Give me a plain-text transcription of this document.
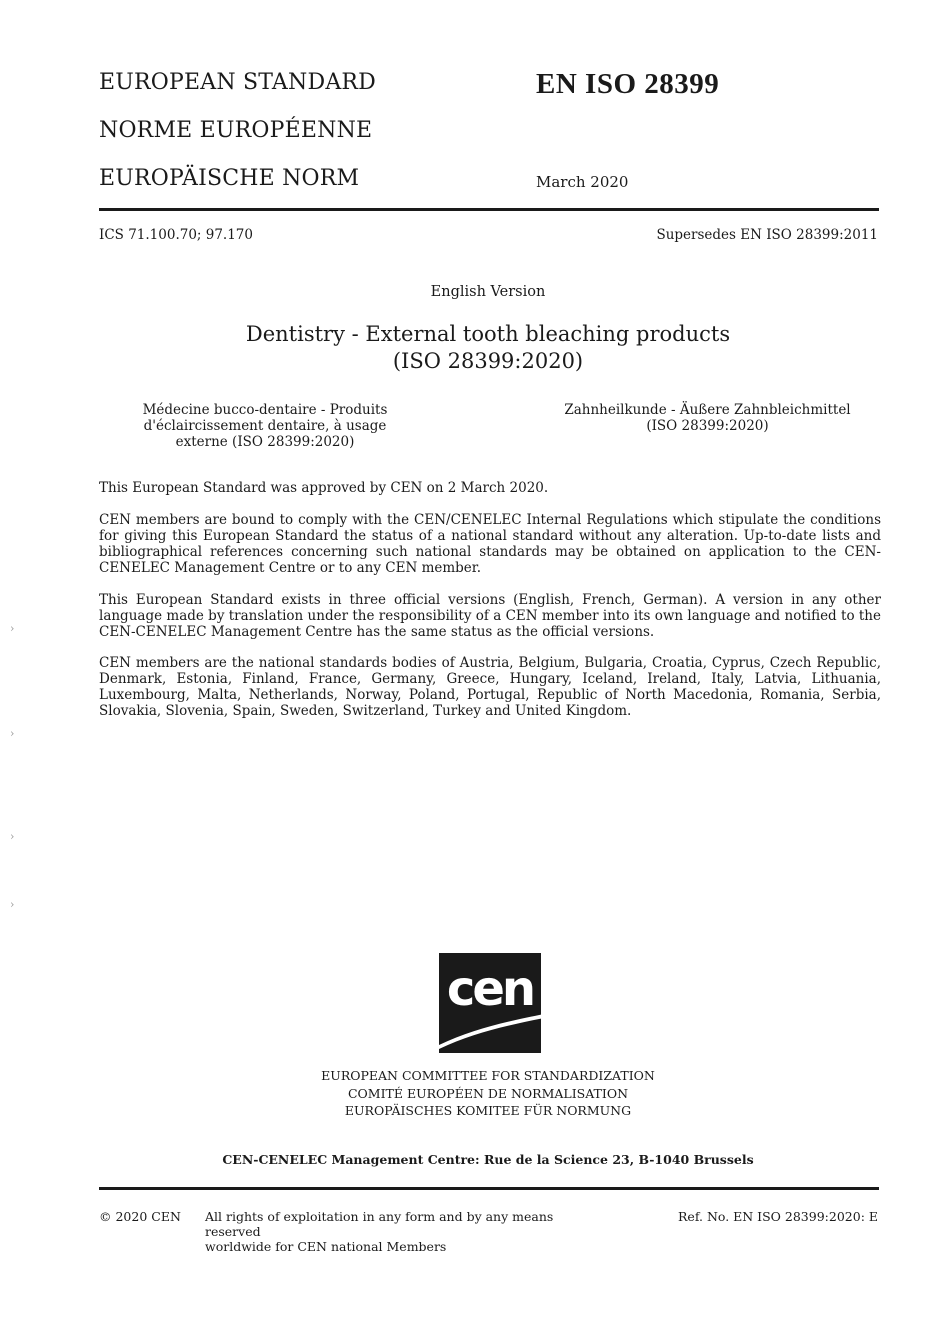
EUROPEAN STANDARD
NORME EUROPÉENNE
EUROPÄISCHE NORM
EN ISO 28399
March 2020
ICS 71.100.70; 97.170	Supersedes EN ISO 28399:2011
English Version
Dentistry - External tooth bleaching products
(ISO 28399:2020)
Médecine bucco-dentaire - Produits
d'éclaircissement dentaire, à usage
externe (ISO 28399:2020)
Zahnheilkunde - Äußere Zahnbleichmittel
(ISO 28399:2020)
This European Standard was approved by CEN on 2 March 2020.
CEN members are bound to comply with the CEN/CENELEC Internal Regulations which stipulate the conditions for giving this European Standard the status of a national standard without any alteration. Up-to-date lists and bibliographical references concerning such national standards may be obtained on application to the CEN-CENELEC Management Centre or to any CEN member.
This European Standard exists in three official versions (English, French, German). A version in any other language made by translation under the responsibility of a CEN member into its own language and notified to the CEN-CENELEC Management Centre has the same status as the official versions.
CEN members are the national standards bodies of Austria, Belgium, Bulgaria, Croatia, Cyprus, Czech Republic, Denmark, Estonia, Finland, France, Germany, Greece, Hungary, Iceland, Ireland, Italy, Latvia, Lithuania, Luxembourg, Malta, Netherlands, Norway, Poland, Portugal, Republic of North Macedonia, Romania, Serbia, Slovakia, Slovenia, Spain, Sweden, Switzerland, Turkey and United Kingdom.
›
›
›
›
cen
EUROPEAN COMMITTEE FOR STANDARDIZATION
COMITÉ EUROPÉEN DE NORMALISATION
EUROPÄISCHES KOMITEE FÜR NORMUNG
CEN-CENELEC Management Centre: Rue de la Science 23, B-1040 Brussels
© 2020 CEN All rights of exploitation in any form and by any means reserved
worldwide for CEN national Members
Ref. No. EN ISO 28399:2020: E
